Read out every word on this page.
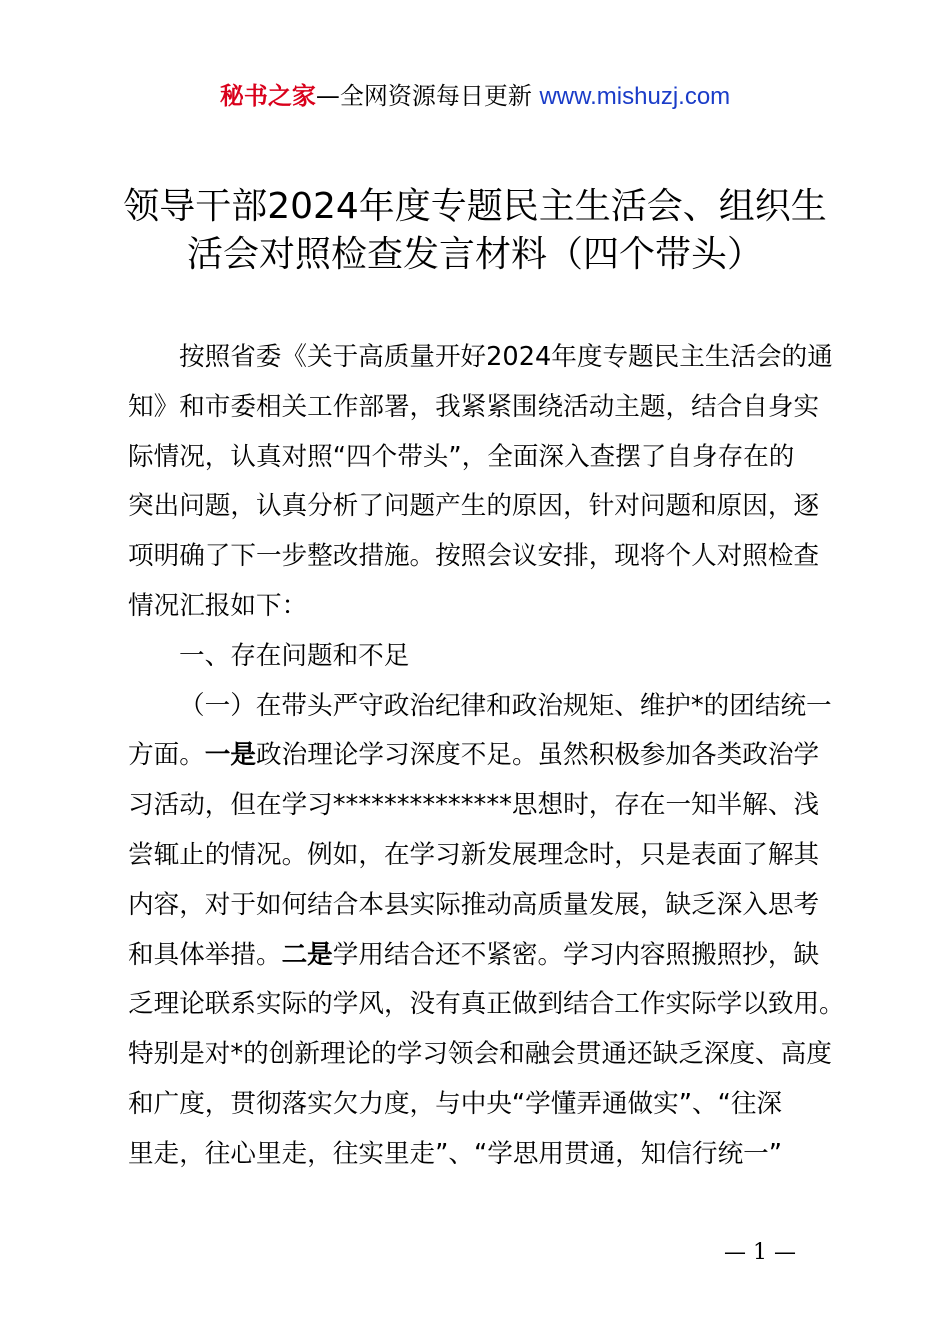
秘书之家—全网资源每日更新 www.mishuzj.com
领导干部2024年度专题民主生活会、组织生
活会对照检查发言材料（四个带头）

按照省委《关于高质量开好2024年度专题民主生活会的通
知》和市委相关工作部署，我紧紧围绕活动主题，结合自身实
际情况，认真对照“四个带头”，全面深入查摆了自身存在的
突出问题，认真分析了问题产生的原因，针对问题和原因，逐
项明确了下一步整改措施。按照会议安排，现将个人对照检查
情况汇报如下：

一、存在问题和不足

（一）在带头严守政治纪律和政治规矩、维护*的团结统一
方面。一是政治理论学习深度不足。虽然积极参加各类政治学
习活动，但在学习**************思想时，存在一知半解、浅
尝辄止的情况。例如，在学习新发展理念时，只是表面了解其
内容，对于如何结合本县实际推动高质量发展，缺乏深入思考
和具体举措。二是学用结合还不紧密。学习内容照搬照抄，缺
乏理论联系实际的学风，没有真正做到结合工作实际学以致用。
特别是对*的创新理论的学习领会和融会贯通还缺乏深度、高度
和广度，贯彻落实欠力度，与中央“学懂弄通做实”、“往深
里走，往心里走，往实里走”、“学思用贯通，知信行统一”

— 1 —
